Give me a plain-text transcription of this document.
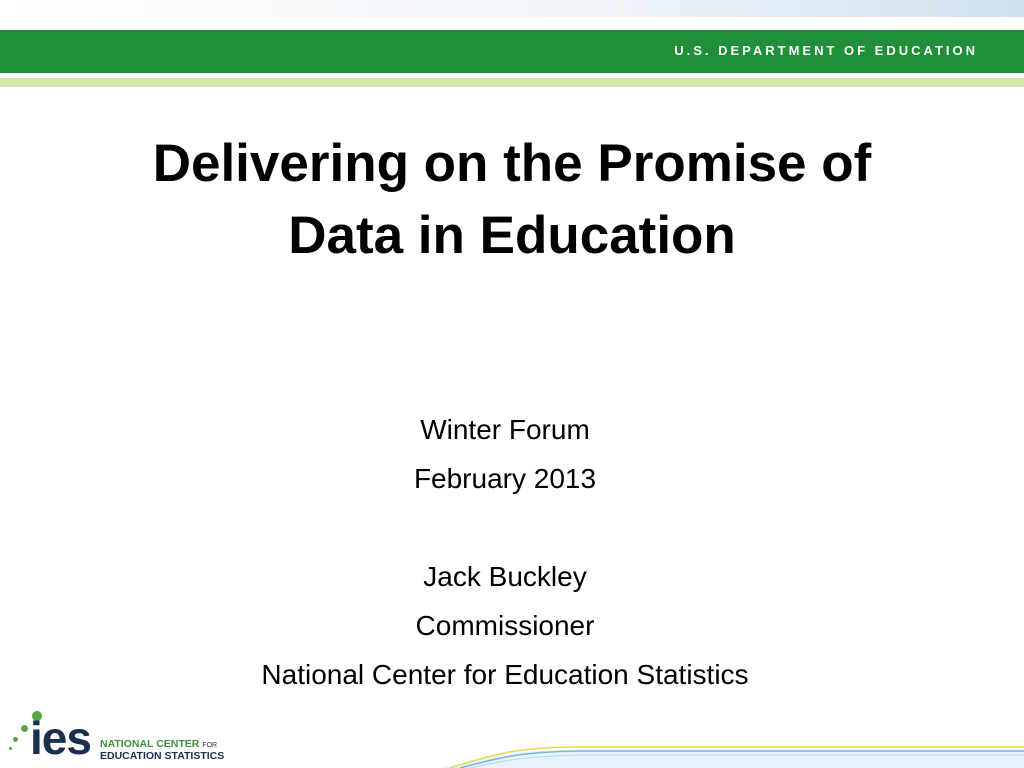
U.S. DEPARTMENT OF EDUCATION
Delivering on the Promise of
Data in Education
Winter Forum
February 2013
Jack Buckley
Commissioner
National Center for Education Statistics
ies NATIONAL CENTER FOR
EDUCATION STATISTICS
